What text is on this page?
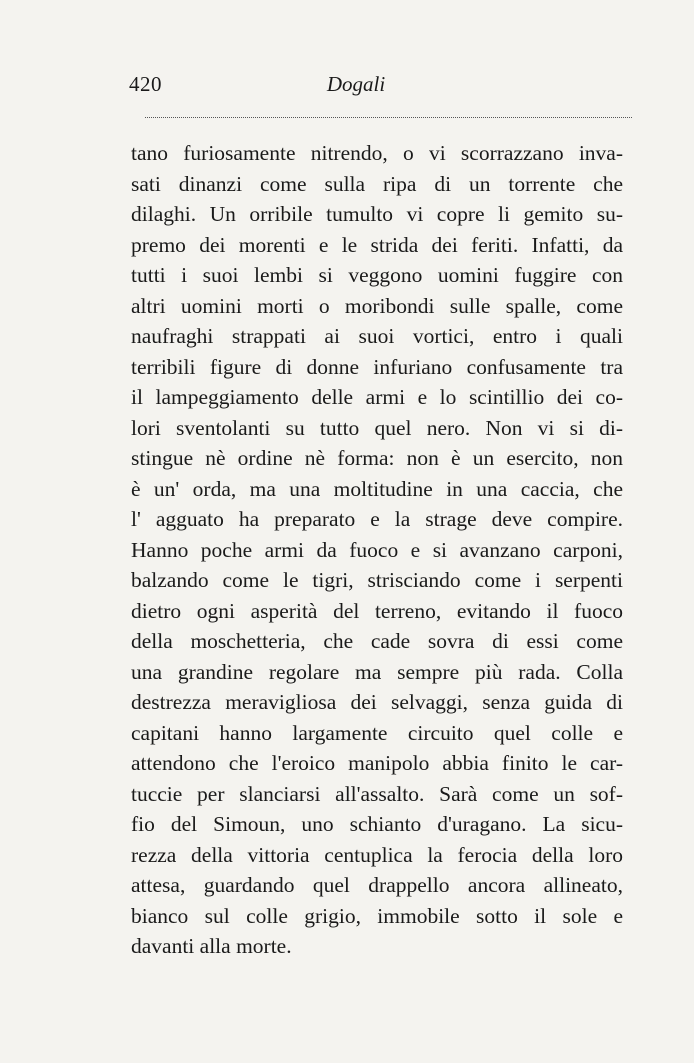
420	Dogali
tano furiosamente nitrendo, o vi scorrazzano inva-
sati dinanzi come sulla ripa di un torrente che
dilaghi. Un orribile tumulto vi copre li gemito su-
premo dei morenti e le strida dei feriti. Infatti, da
tutti i suoi lembi si veggono uomini fuggire con
altri uomini morti o moribondi sulle spalle, come
naufraghi strappati ai suoi vortici, entro i quali
terribili figure di donne infuriano confusamente tra
il lampeggiamento delle armi e lo scintillio dei co-
lori sventolanti su tutto quel nero. Non vi si di-
stingue nè ordine nè forma: non è un esercito, non
è un' orda, ma una moltitudine in una caccia, che
l' agguato ha preparato e la strage deve compire.
Hanno poche armi da fuoco e si avanzano carponi,
balzando come le tigri, strisciando come i serpenti
dietro ogni asperità del terreno, evitando il fuoco
della moschetteria, che cade sovra di essi come
una grandine regolare ma sempre più rada. Colla
destrezza meravigliosa dei selvaggi, senza guida di
capitani hanno largamente circuito quel colle e
attendono che l'eroico manipolo abbia finito le car-
tuccie per slanciarsi all'assalto. Sarà come un sof-
fio del Simoun, uno schianto d'uragano. La sicu-
rezza della vittoria centuplica la ferocia della loro
attesa, guardando quel drappello ancora allineato,
bianco sul colle grigio, immobile sotto il sole e
davanti alla morte.
